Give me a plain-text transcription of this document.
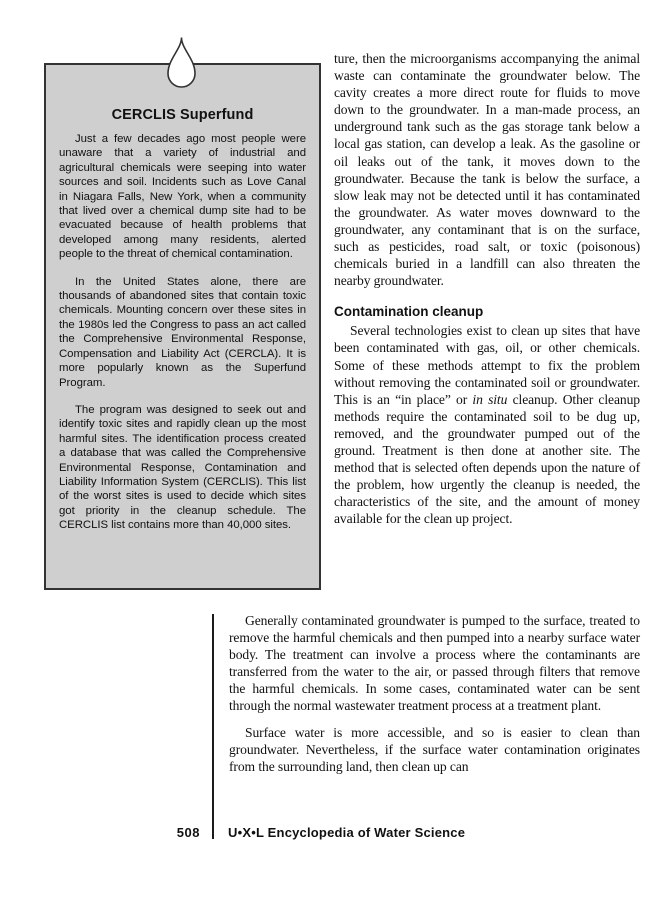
CERCLIS Superfund

Just a few decades ago most people were unaware that a variety of industrial and agricultural chemicals were seeping into water sources and soil. Incidents such as Love Canal in Niagara Falls, New York, when a community that lived over a chemical dump site had to be evacuated because of health problems that developed among many residents, alerted people to the threat of chemical contamination.

In the United States alone, there are thousands of abandoned sites that contain toxic chemicals. Mounting concern over these sites in the 1980s led the Congress to pass an act called the Comprehensive Environmental Response, Compensation and Liability Act (CERCLA). It is more popularly known as the Superfund Program.

The program was designed to seek out and identify toxic sites and rapidly clean up the most harmful sites. The identification process created a database that was called the Comprehensive Environmental Response, Contamination and Liability Information System (CERCLIS). This list of the worst sites is used to decide which sites got priority in the cleanup schedule. The CERCLIS list contains more than 40,000 sites.

ture, then the microorganisms accompanying the animal waste can contaminate the groundwater below. The cavity creates a more direct route for fluids to move down to the groundwater. In a man-made process, an underground tank such as the gas storage tank below a local gas station, can develop a leak. As the gasoline or oil leaks out of the tank, it moves down to the groundwater. Because the tank is below the surface, a slow leak may not be detected until it has contaminated the groundwater. As water moves downward to the groundwater, any contaminant that is on the surface, such as pesticides, road salt, or toxic (poisonous) chemicals buried in a landfill can also threaten the nearby groundwater.

Contamination cleanup

Several technologies exist to clean up sites that have been contaminated with gas, oil, or other chemicals. Some of these methods attempt to fix the problem without removing the contaminated soil or groundwater. This is an “in place” or in situ cleanup. Other cleanup methods require the contaminated soil to be dug up, removed, and the groundwater pumped out of the ground. Treatment is then done at another site. The method that is selected often depends upon the nature of the problem, how urgently the cleanup is needed, the characteristics of the site, and the amount of money available for the clean up project.

Generally contaminated groundwater is pumped to the surface, treated to remove the harmful chemicals and then pumped into a nearby surface water body. The treatment can involve a process where the contaminants are transferred from the water to the air, or passed through filters that remove the harmful chemicals. In some cases, contaminated water can be sent through the normal wastewater treatment process at a treatment plant.

Surface water is more accessible, and so is easier to clean than groundwater. Nevertheless, if the surface water contamination originates from the surrounding land, then clean up can

508 U•X•L Encyclopedia of Water Science
